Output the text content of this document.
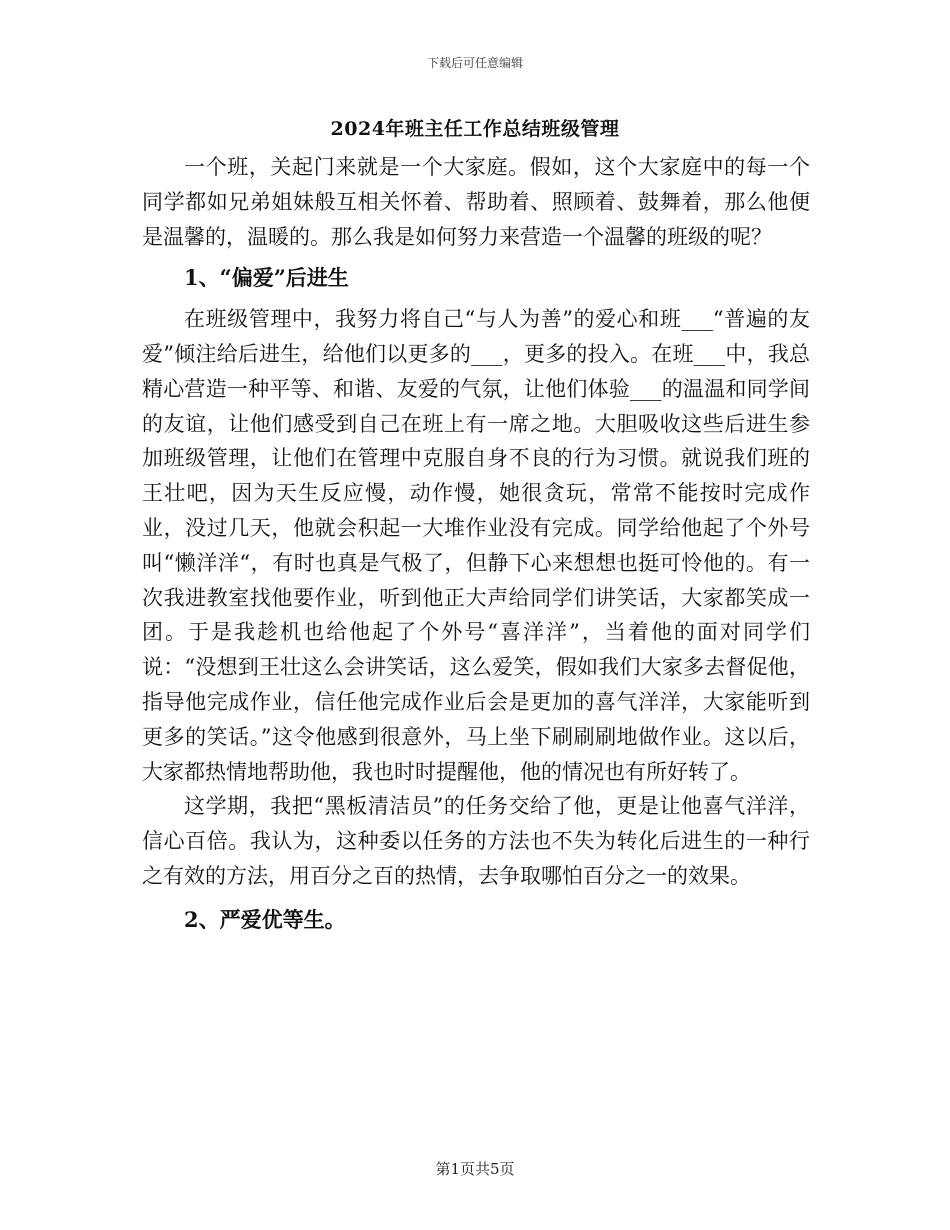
下载后可任意编辑
2024年班主任工作总结班级管理

一个班，关起门来就是一个大家庭。假如，这个大家庭中的每一个同学都如兄弟姐妹般互相关怀着、帮助着、照顾着、鼓舞着，那么他便是温馨的，温暖的。那么我是如何努力来营造一个温馨的班级的呢？

1、“偏爱”后进生

在班级管理中，我努力将自己“与人为善”的爱心和班___“普遍的友爱”倾注给后进生，给他们以更多的___，更多的投入。在班___中，我总精心营造一种平等、和谐、友爱的气氛，让他们体验___的温温和同学间的友谊，让他们感受到自己在班上有一席之地。大胆吸收这些后进生参加班级管理，让他们在管理中克服自身不良的行为习惯。就说我们班的王壮吧，因为天生反应慢，动作慢，她很贪玩，常常不能按时完成作业，没过几天，他就会积起一大堆作业没有完成。同学给他起了个外号叫“懒洋洋“，有时也真是气极了，但静下心来想想也挺可怜他的。有一次我进教室找他要作业，听到他正大声给同学们讲笑话，大家都笑成一团。于是我趁机也给他起了个外号“喜洋洋”，当着他的面对同学们说：“没想到王壮这么会讲笑话，这么爱笑，假如我们大家多去督促他，指导他完成作业，信任他完成作业后会是更加的喜气洋洋，大家能听到更多的笑话。”这令他感到很意外，马上坐下刷刷刷地做作业。这以后，大家都热情地帮助他，我也时时提醒他，他的情况也有所好转了。

这学期，我把“黑板清洁员”的任务交给了他，更是让他喜气洋洋，信心百倍。我认为，这种委以任务的方法也不失为转化后进生的一种行之有效的方法，用百分之百的热情，去争取哪怕百分之一的效果。

2、严爱优等生。
第1页共5页
